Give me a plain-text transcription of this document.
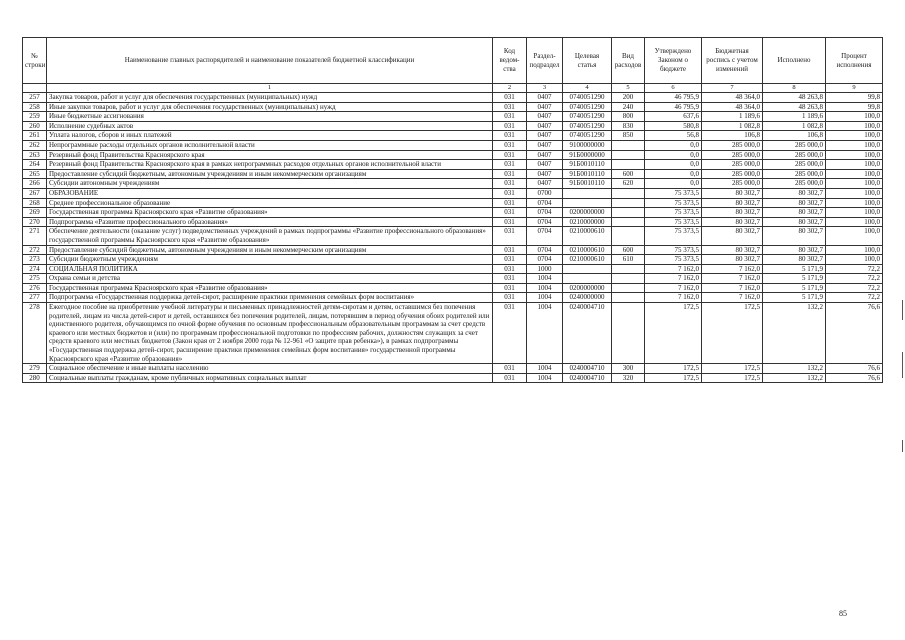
№ строки	Наименование главных распорядителей и наименование показателей бюджетной классификации	Код ведом-ства	Раздел-подраздел	Целевая статья	Вид расходов	Утверждено Законом о бюджете	Бюджетная роспись с учетом изменений	Исполнено	Процент исполнения
	1	2	3	4	5	6	7	8	9
257	Закупка товаров, работ и услуг для обеспечения государственных (муниципальных) нужд	031	0407	0740051290	200	46 795,9	48 364,0	48 263,8	99,8
258	Иные закупки товаров, работ и услуг для обеспечения государственных (муниципальных) нужд	031	0407	0740051290	240	46 795,9	48 364,0	48 263,8	99,8
259	Иные бюджетные ассигнования	031	0407	0740051290	800	637,6	1 189,6	1 189,6	100,0
260	Исполнение судебных актов	031	0407	0740051290	830	580,8	1 082,8	1 082,8	100,0
261	Уплата налогов, сборов и иных платежей	031	0407	0740051290	850	56,8	106,8	106,8	100,0
262	Непрограммные расходы отдельных органов исполнительной власти	031	0407	9100000000		0,0	285 000,0	285 000,0	100,0
263	Резервный фонд Правительства Красноярского края	031	0407	91Б0000000		0,0	285 000,0	285 000,0	100,0
264	Резервный фонд Правительства Красноярского края в рамках непрограммных расходов отдельных органов исполнительной власти	031	0407	91Б0010110		0,0	285 000,0	285 000,0	100,0
265	Предоставление субсидий бюджетным, автономным учреждениям и иным некоммерческим организациям	031	0407	91Б0010110	600	0,0	285 000,0	285 000,0	100,0
266	Субсидии автономным учреждениям	031	0407	91Б0010110	620	0,0	285 000,0	285 000,0	100,0
267	ОБРАЗОВАНИЕ	031	0700			75 373,5	80 302,7	80 302,7	100,0
268	Среднее профессиональное образование	031	0704			75 373,5	80 302,7	80 302,7	100,0
269	Государственная программа Красноярского края «Развитие образования»	031	0704	0200000000		75 373,5	80 302,7	80 302,7	100,0
270	Подпрограмма «Развитие профессионального образования»	031	0704	0210000000		75 373,5	80 302,7	80 302,7	100,0
271	Обеспечение деятельности (оказание услуг) подведомственных учреждений в рамках подпрограммы «Развитие профессионального образования» государственной программы Красноярского края «Развитие образования»	031	0704	0210000610		75 373,5	80 302,7	80 302,7	100,0
272	Предоставление субсидий бюджетным, автономным учреждениям и иным некоммерческим организациям	031	0704	0210000610	600	75 373,5	80 302,7	80 302,7	100,0
273	Субсидии бюджетным учреждениям	031	0704	0210000610	610	75 373,5	80 302,7	80 302,7	100,0
274	СОЦИАЛЬНАЯ ПОЛИТИКА	031	1000			7 162,0	7 162,0	5 171,9	72,2
275	Охрана семьи и детства	031	1004			7 162,0	7 162,0	5 171,9	72,2
276	Государственная программа Красноярского края «Развитие образования»	031	1004	0200000000		7 162,0	7 162,0	5 171,9	72,2
277	Подпрограмма «Государственная поддержка детей-сирот, расширение практики применения семейных форм воспитания»	031	1004	0240000000		7 162,0	7 162,0	5 171,9	72,2
278	Ежегодное пособие на приобретение учебной литературы и письменных принадлежностей детям-сиротам и детям, оставшимся без попечения родителей, лицам из числа детей-сирот и детей, оставшихся без попечения родителей, лицам, потерявшим в период обучения обоих родителей или единственного родителя, обучающимся по очной форме обучения по основным профессиональным образовательным программам за счет средств краевого или местных бюджетов и (или) по программам профессиональной подготовки по профессиям рабочих, должностям служащих за счет средств краевого или местных бюджетов (Закон края от 2 ноября 2000 года № 12-961 «О защите прав ребенка»), в рамках подпрограммы «Государственная поддержка детей-сирот, расширение практики применения семейных форм воспитания» государственной программы Красноярского края «Развитие образования»	031	1004	0240004710		172,5	172,5	132,2	76,6
279	Социальное обеспечение и иные выплаты населению	031	1004	0240004710	300	172,5	172,5	132,2	76,6
280	Социальные выплаты гражданам, кроме публичных нормативных социальных выплат	031	1004	0240004710	320	172,5	172,5	132,2	76,6
85
